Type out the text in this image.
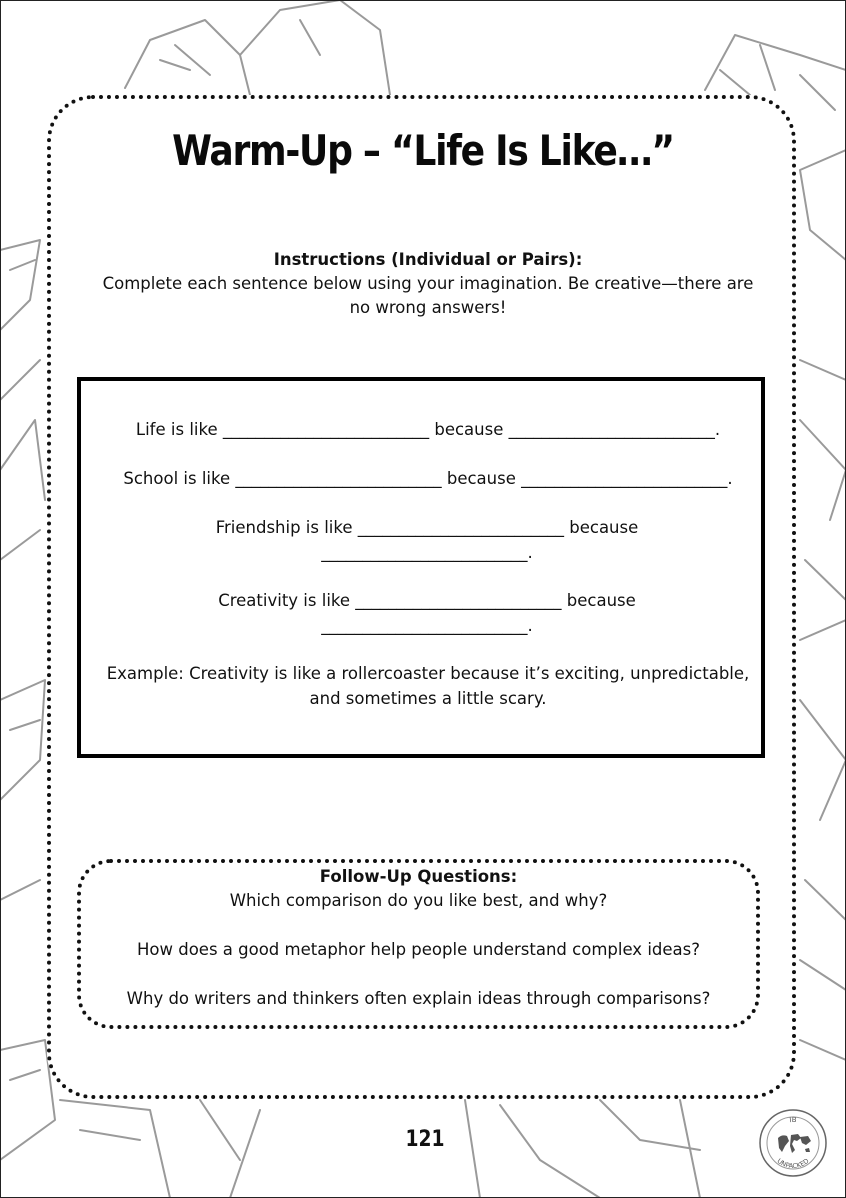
Warm-Up – “Life Is Like…”
Instructions (Individual or Pairs):
Complete each sentence below using your imagination. Be creative—there are no wrong answers!
Life is like _________________________ because _________________________.
School is like _________________________ because _________________________.
Friendship is like _________________________ because _________________________.
Creativity is like _________________________ because _________________________.
Example: Creativity is like a rollercoaster because it’s exciting, unpredictable, and sometimes a little scary.
Follow-Up Questions:
Which comparison do you like best, and why?
How does a good metaphor help people understand complex ideas?
Why do writers and thinkers often explain ideas through comparisons?
121
IB
UNPACKED
